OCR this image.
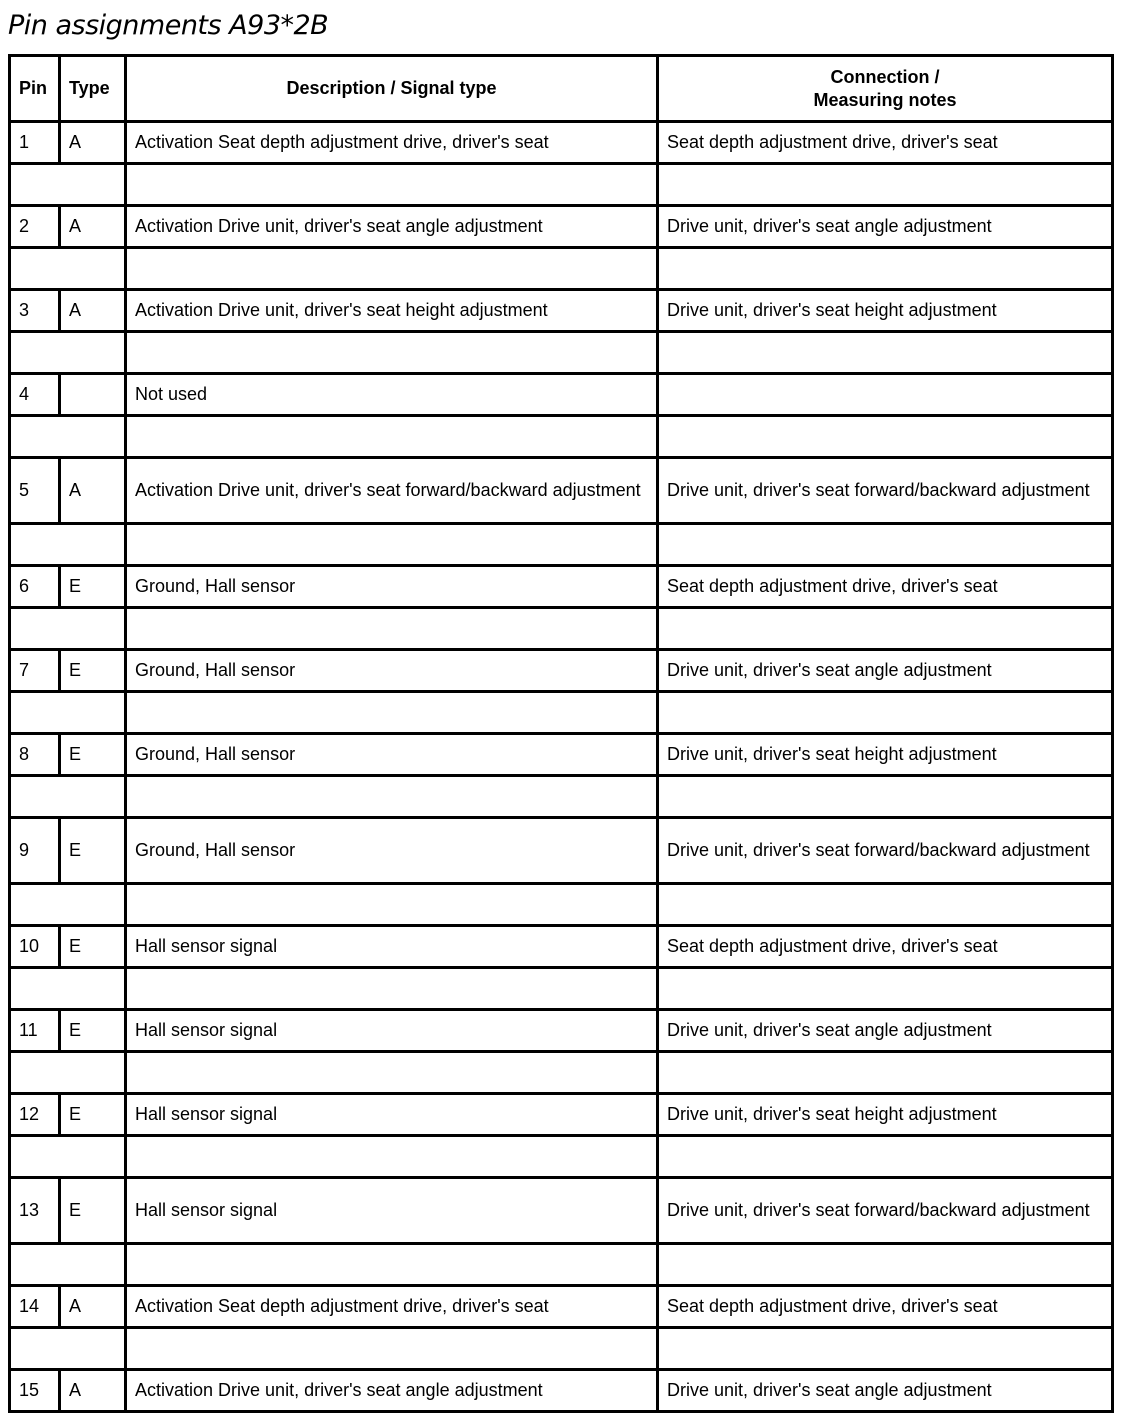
Pin assignments A93*2B
Pin	Type	Description / Signal type	Connection /
Measuring notes
1	A	Activation Seat depth adjustment drive, driver's seat	Seat depth adjustment drive, driver's seat

2	A	Activation Drive unit, driver's seat angle adjustment	Drive unit, driver's seat angle adjustment

3	A	Activation Drive unit, driver's seat height adjustment	Drive unit, driver's seat height adjustment

4		Not used	

5	A	Activation Drive unit, driver's seat forward/backward adjustment	Drive unit, driver's seat forward/backward adjustment

6	E	Ground, Hall sensor	Seat depth adjustment drive, driver's seat

7	E	Ground, Hall sensor	Drive unit, driver's seat angle adjustment

8	E	Ground, Hall sensor	Drive unit, driver's seat height adjustment

9	E	Ground, Hall sensor	Drive unit, driver's seat forward/backward adjustment

10	E	Hall sensor signal	Seat depth adjustment drive, driver's seat

11	E	Hall sensor signal	Drive unit, driver's seat angle adjustment

12	E	Hall sensor signal	Drive unit, driver's seat height adjustment

13	E	Hall sensor signal	Drive unit, driver's seat forward/backward adjustment

14	A	Activation Seat depth adjustment drive, driver's seat	Seat depth adjustment drive, driver's seat

15	A	Activation Drive unit, driver's seat angle adjustment	Drive unit, driver's seat angle adjustment
